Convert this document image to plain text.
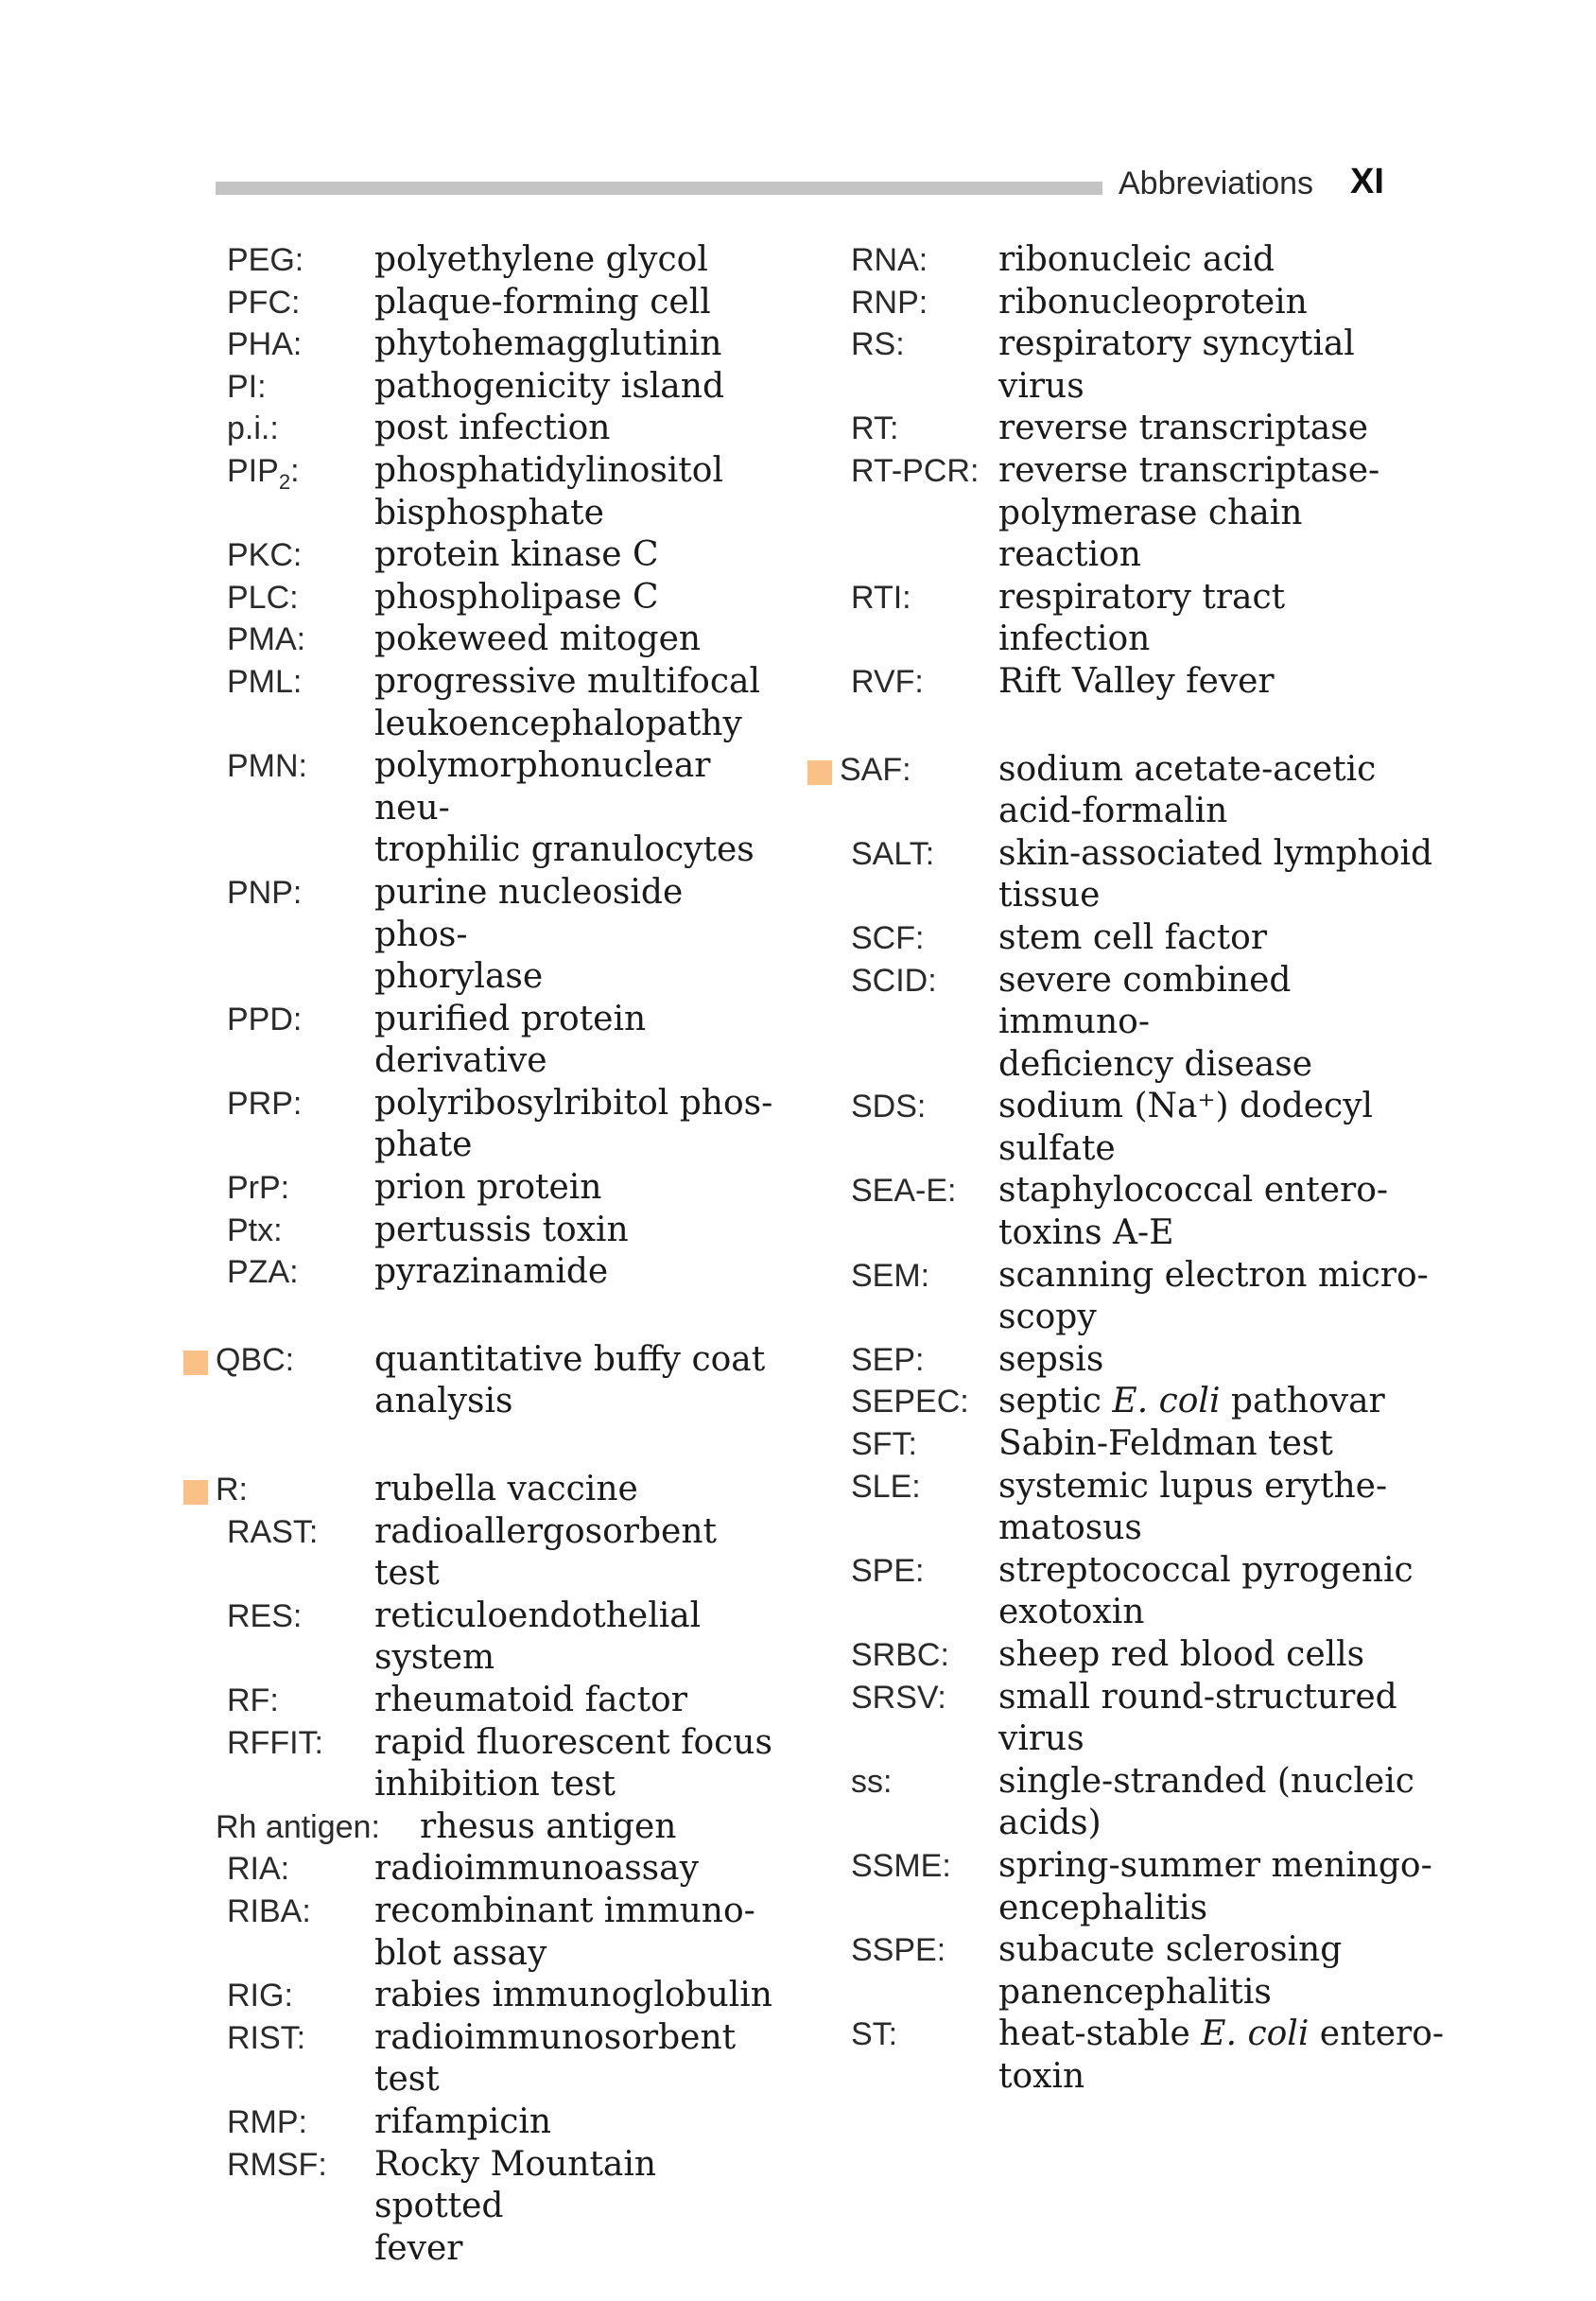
Abbreviations XI
PEG: polyethylene glycol
PFC: plaque-forming cell
PHA: phytohemagglutinin
PI:	pathogenicity island
p.i.:	post infection
$PIP_2$: phosphatidylinositol
bisphosphate
PKC: protein kinase C
PLC: phospholipase C
PMA: pokeweed mitogen
PML: progressive multifocal
leukoencephalopathy
PMN: polymorphonuclear neu-
trophilic granulocytes
PNP: purine nucleoside phos-
phorylase
PPD: purified protein derivative
PRP: polyribosylribitol phos-
phate
PrP: prion protein
Ptx:	pertussis toxin
PZA: pyrazinamide
QBC: quantitative buffy coat
analysis
R:	rubella vaccine
RAST: radioallergosorbent test
RES: reticuloendothelial
system
RF:	rheumatoid factor
RFFIT: rapid fluorescent focus
inhibition test
Rh antigen: rhesus antigen
RIA: radioimmunoassay
RIBA: recombinant immuno-
blot assay
RIG: rabies immunoglobulin
RIST: radioimmunosorbent
test
RMP: rifampicin
RMSF: Rocky Mountain spotted
fever
RNA: ribonucleic acid
RNP: ribonucleoprotein
RS:	respiratory syncytial
virus
RT:	reverse transcriptase
RT-PCR: reverse transcriptase-
polymerase chain
reaction
RTI:	respiratory tract infection
RVF: Rift Valley fever
SAF:	sodium acetate-acetic
acid-formalin
SALT: skin-associated lymphoid
tissue
SCF: stem cell factor
SCID: severe combined immuno-
deficiency disease
SDS: sodium (Na⁺) dodecyl
sulfate
SEA-E: staphylococcal entero-
toxins A-E
SEM: scanning electron micro-
scopy
SEP: sepsis
SEPEC: septic E. coli pathovar
SFT: Sabin-Feldman test
SLE: systemic lupus erythe-
matosus
SPE: streptococcal pyrogenic
exotoxin
SRBC: sheep red blood cells
SRSV: small round-structured
virus
ss:	single-stranded (nucleic
acids)
SSME: spring-summer meningo-
encephalitis
SSPE: subacute sclerosing
panencephalitis
ST:	heat-stable E. coli entero-
toxin
